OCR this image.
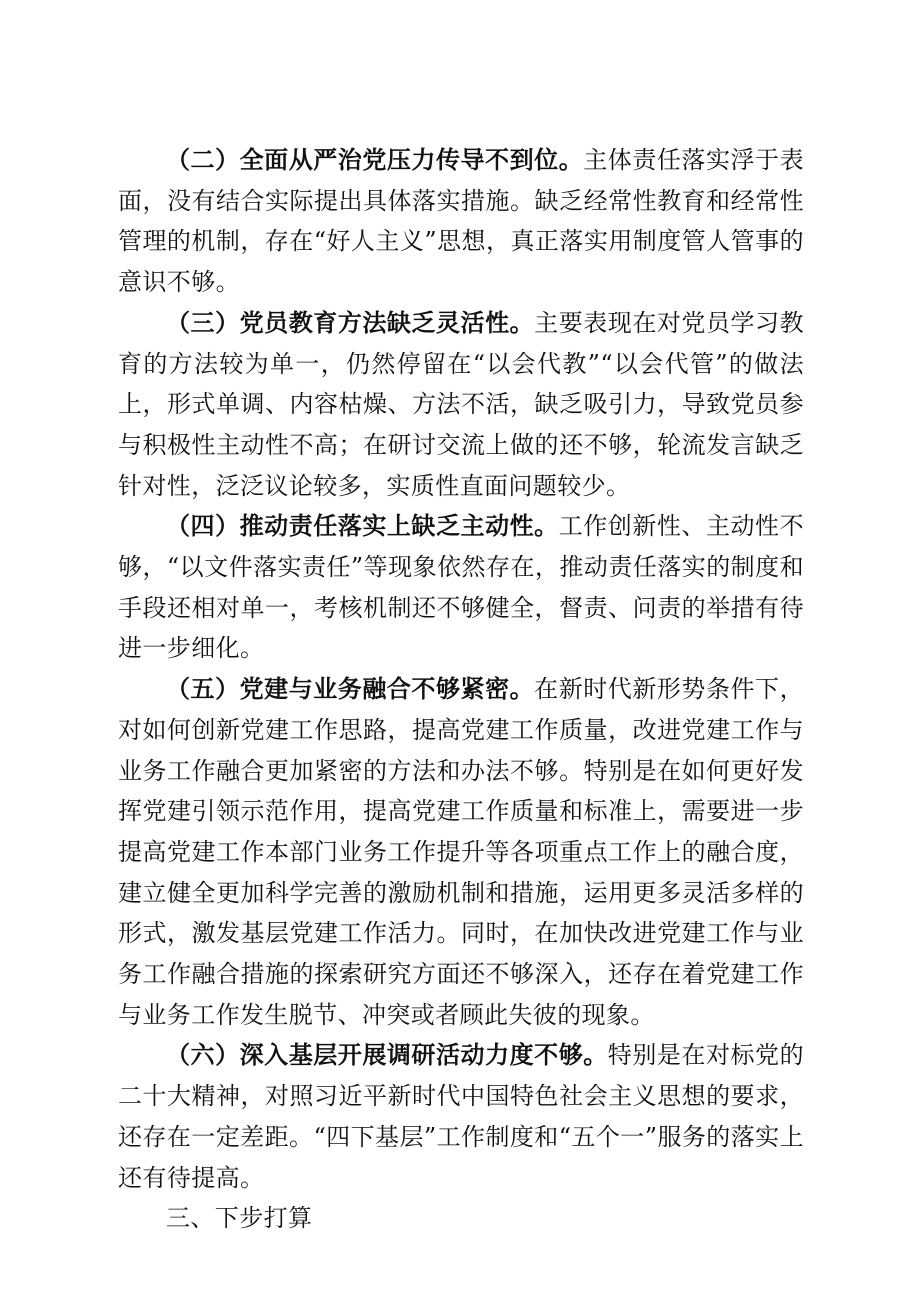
（二）全面从严治党压力传导不到位。主体责任落实浮于表面，没有结合实际提出具体落实措施。缺乏经常性教育和经常性管理的机制，存在“好人主义”思想，真正落实用制度管人管事的意识不够。

（三）党员教育方法缺乏灵活性。主要表现在对党员学习教育的方法较为单一，仍然停留在“以会代教”“以会代管”的做法上，形式单调、内容枯燥、方法不活，缺乏吸引力，导致党员参与积极性主动性不高；在研讨交流上做的还不够，轮流发言缺乏针对性，泛泛议论较多，实质性直面问题较少。

（四）推动责任落实上缺乏主动性。工作创新性、主动性不够，“以文件落实责任”等现象依然存在，推动责任落实的制度和手段还相对单一，考核机制还不够健全，督责、问责的举措有待进一步细化。

（五）党建与业务融合不够紧密。在新时代新形势条件下，对如何创新党建工作思路，提高党建工作质量，改进党建工作与业务工作融合更加紧密的方法和办法不够。特别是在如何更好发挥党建引领示范作用，提高党建工作质量和标准上，需要进一步提高党建工作本部门业务工作提升等各项重点工作上的融合度，建立健全更加科学完善的激励机制和措施，运用更多灵活多样的形式，激发基层党建工作活力。同时，在加快改进党建工作与业务工作融合措施的探索研究方面还不够深入，还存在着党建工作与业务工作发生脱节、冲突或者顾此失彼的现象。

（六）深入基层开展调研活动力度不够。特别是在对标党的二十大精神，对照习近平新时代中国特色社会主义思想的要求，还存在一定差距。“四下基层”工作制度和“五个一”服务的落实上还有待提高。

三、下步打算
